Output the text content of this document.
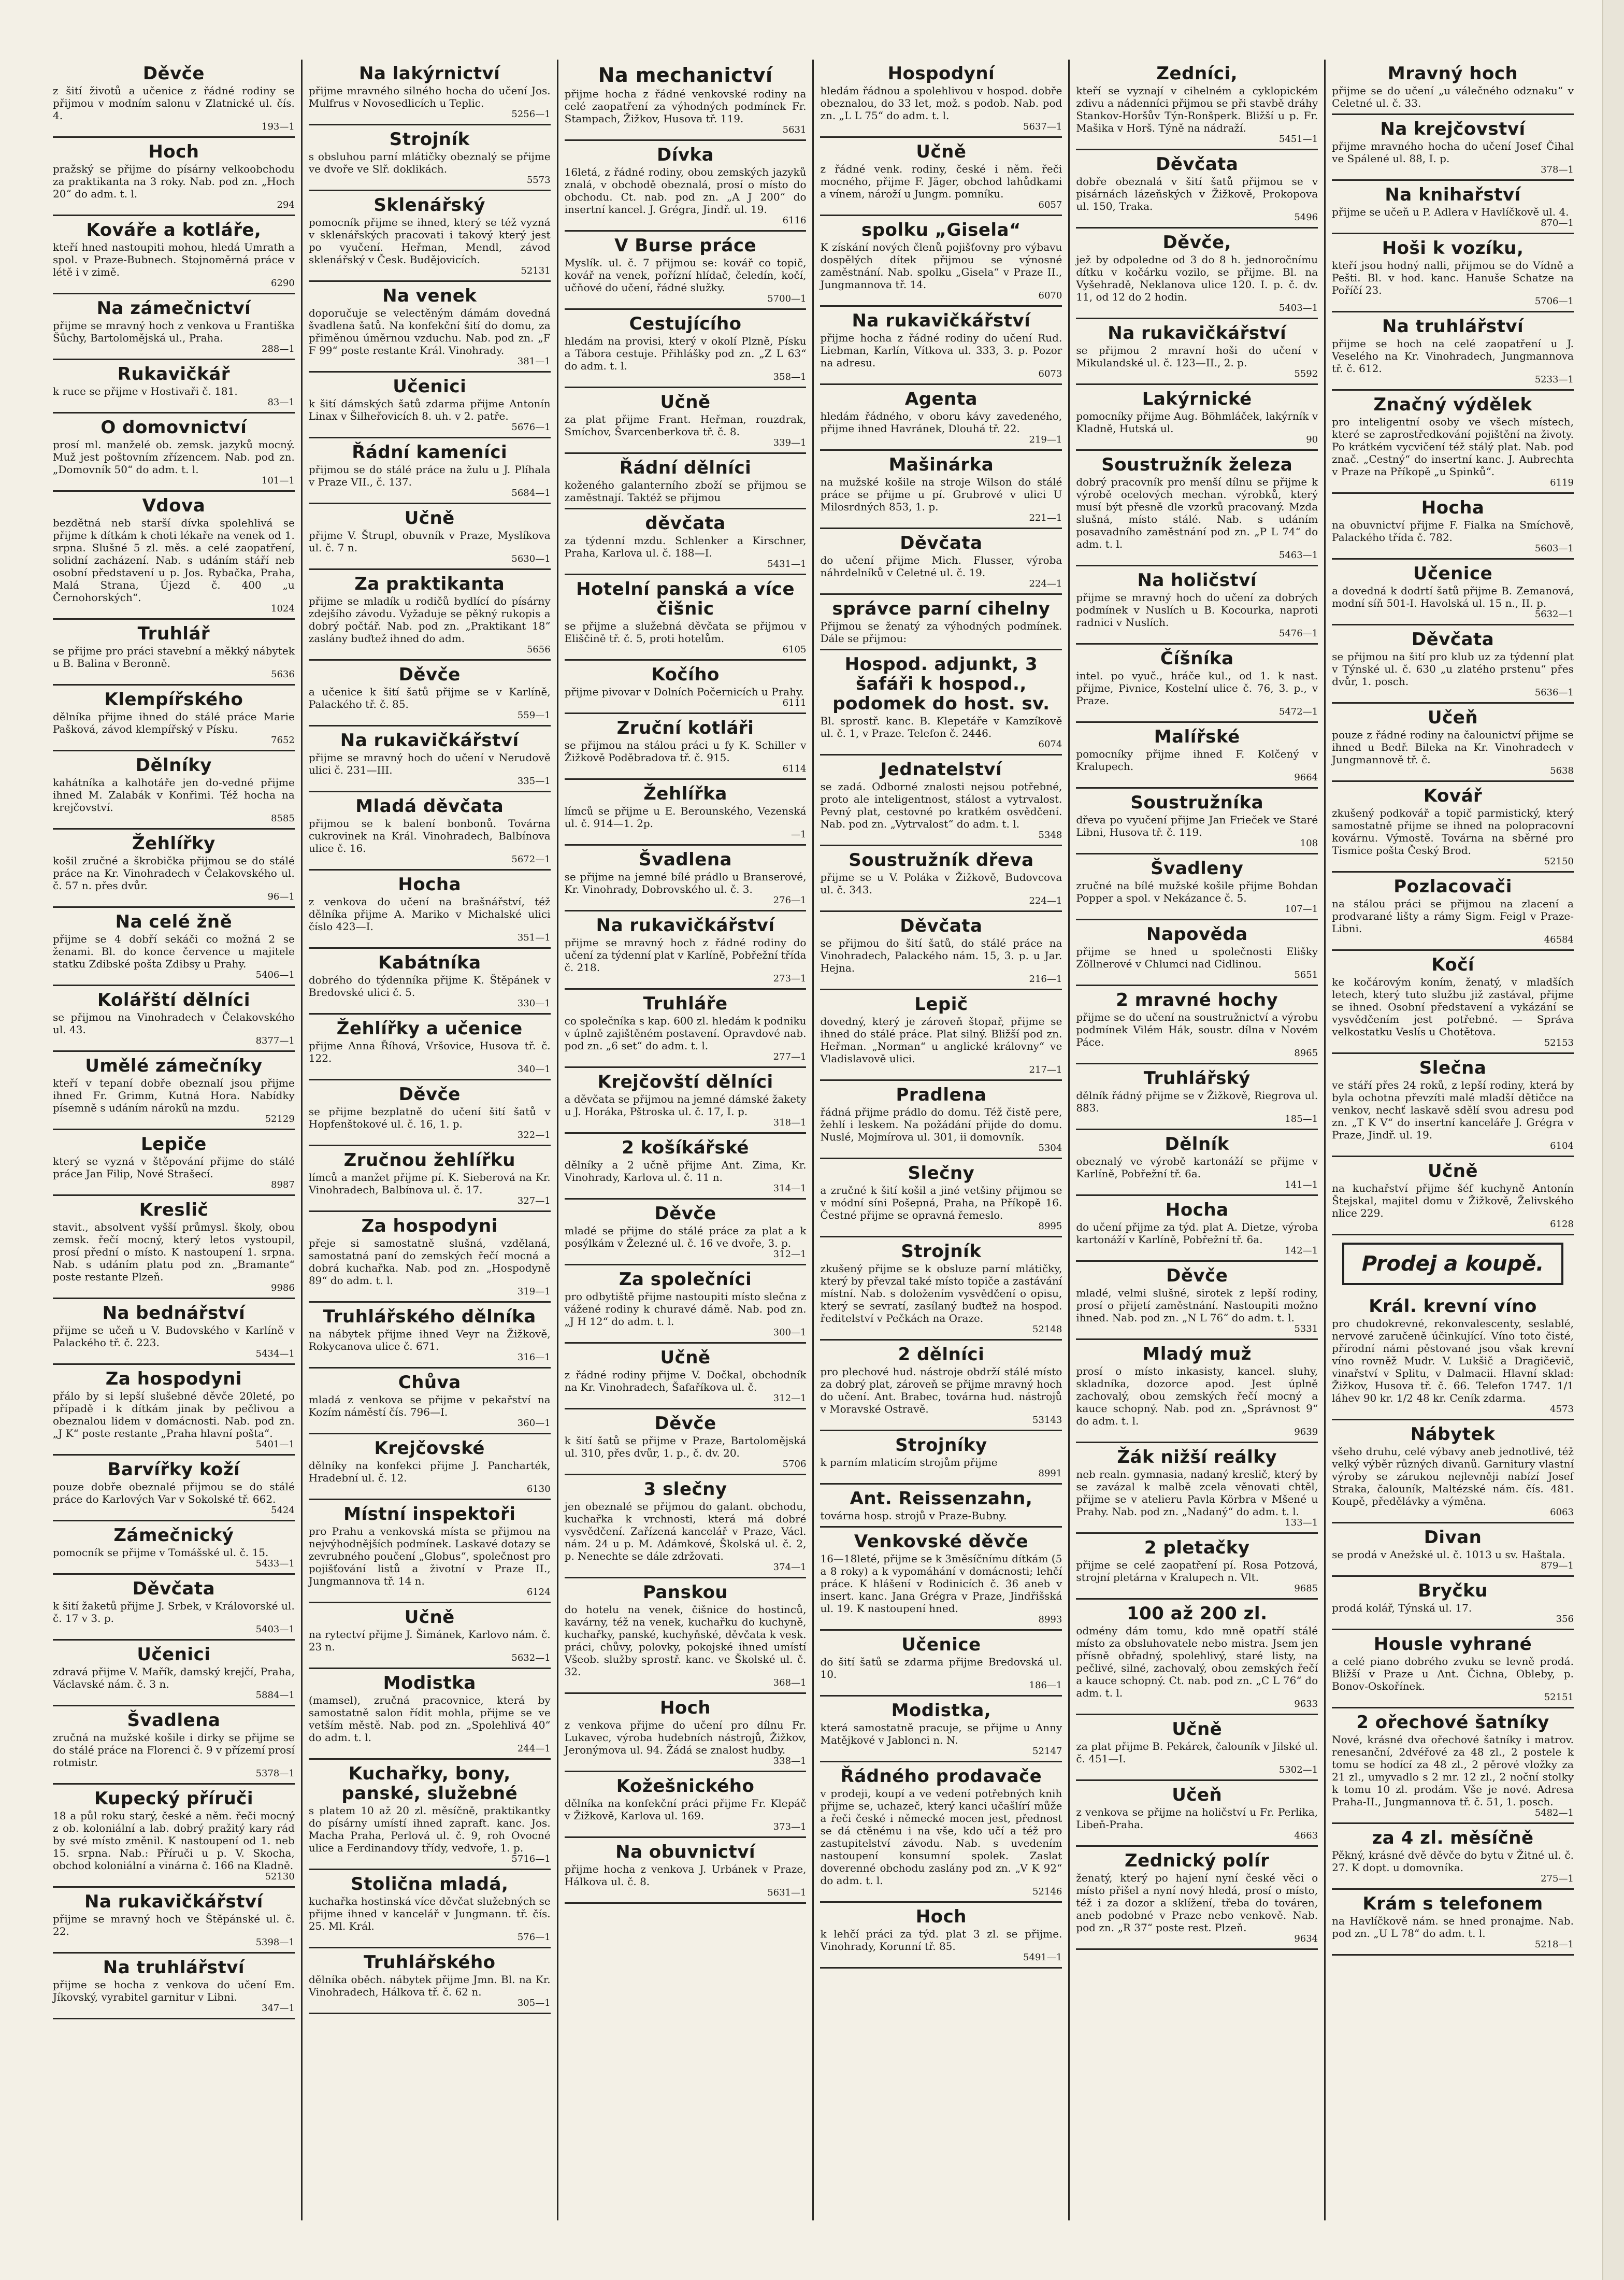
Děvče
z šití životů a učenice z řádné rodiny se přijmou v modním salonu v Zlatnické ul. čís. 4.
193—1
Hoch
pražský se přijme do písárny velkoobchodu za praktikanta na 3 roky. Nab. pod zn. „Hoch 20“ do adm. t. l.
294
Kováře a kotláře,
kteří hned nastoupiti mohou, hledá Umrath a spol. v Praze-Bubnech. Stojnoměrná práce v létě i v zimě.
6290
Na zámečnictví
přijme se mravný hoch z venkova u Františka Šůchy, Bartolomějská ul., Praha.
288—1
Rukavičkář
k ruce se přijme v Hostivaři č. 181.
83—1
O domovnictví
prosí ml. manželé ob. zemsk. jazyků mocný. Muž jest poštovním zřízencem. Nab. pod zn. „Domovník 50“ do adm. t. l.
101—1
Vdova
bezdětná neb starší dívka spolehlivá se přijme k dítkám k choti lékaře na venek od 1. srpna. Slušné 5 zl. měs. a celé zaopatření, solidní zacházení. Nab. s udáním stáří neb osobní představení u p. Jos. Rybačka, Praha, Malá Strana, Újezd č. 400 „u Černohorských“.
1024
Truhlář
se přijme pro práci stavební a měkký nábytek u B. Balina v Beronně.
5636
Klempířského
dělníka přijme ihned do stálé práce Marie Pašková, závod klempířský v Písku.
7652
Dělníky
kahátníka a kalhotáře jen do-vedné přijme ihned M. Zalabák v Konřimi. Též hocha na krejčovství.
8585
Žehlířky
košil zručné a škrobička přijmou se do stálé práce na Kr. Vinohradech v Čelakovského ul. č. 57 n. přes dvůr.
96—1
Na celé žně
přijme se 4 dobří sekáči co možná 2 se ženami. Bl. do konce července u majitele statku Zdibské pošta Zdibsy u Prahy.
5406—1
Kolářští dělníci
se přijmou na Vinohradech v Čelakovského ul. 43.
8377—1
Umělé zámečníky
kteří v tepaní dobře obeznalí jsou přijme ihned Fr. Grimm, Kutná Hora. Nabídky písemně s udáním nároků na mzdu.
52129
Lepiče
který se vyzná v štěpování přijme do stálé práce Jan Filip, Nové Strašecí.
8987
Kreslič
stavit., absolvent vyšší průmysl. školy, obou zemsk. řečí mocný, který letos vystoupil, prosí přední o místo. K nastoupení 1. srpna. Nab. s udáním platu pod zn. „Bramante“ poste restante Plzeň.
9986
Na bednářství
přijme se učeň u V. Budovského v Karlíně v Palackého tř. č. 223.
5434—1
Za hospodyni
přálo by si lepší slušebné děvče 20leté, po případě i k dítkám jinak by pečlivou a obeznalou lidem v domácnosti. Nab. pod zn. „J K“ poste restante „Praha hlavní pošta“.
5401—1
Barvířky koží
pouze dobře obeznalé přijmou se do stálé práce do Karlových Var v Sokolské tř. 662.
5424
Zámečnický
pomocník se přijme v Tomášské ul. č. 15.
5433—1
Děvčata
k šití žaketů přijme J. Srbek, v Královorské ul. č. 17 v 3. p.
5403—1
Učenici
zdravá přijme V. Mařík, damský krejčí, Praha, Václavské nám. č. 3 n.
5884—1
Švadlena
zručná na mužské košile i dirky se přijme se do stálé práce na Florenci č. 9 v přízemí prosí rotmistr.
5378—1
Kupecký příruči
18 a půl roku starý, české a něm. řeči mocný z ob. koloniální a lab. dobrý pražitý kary rád by své místo změnil. K nastoupení od 1. neb 15. srpna. Nab.: Příruči u p. V. Skocha, obchod koloniální a vinárna č. 166 na Kladně.
52130
Na rukavičkářství
přijme se mravný hoch ve Štěpánské ul. č. 22.
5398—1
Na truhlářství
přijme se hocha z venkova do učení Em. Jíkovský, vyrabitel garnitur v Libni.
347—1
Na lakýrnictví
přijme mravného silného hocha do učení Jos. Mulfrus v Novosedlicích u Teplic.
5256—1
Strojník
s obsluhou parní mlátičky obeznalý se přijme ve dvoře ve Slř. doklikách.
5573
Sklenářský
pomocník přijme se ihned, který se též vyzná v sklenářských pracovati i takový který jest po vyučení. Heřman, Mendl, závod sklenářský v Česk. Budějovicích.
52131
Na venek
doporučuje se velectěným dámám dovedná švadlena šatů. Na konfekční šití do domu, za přiměnou úměrnou vzduchu. Nab. pod zn. „F F 99“ poste restante Král. Vinohrady.
381—1
Učenici
k šití dámských šatů zdarma přijme Antonín Linax v Šilheřovicích 8. uh. v 2. patře.
5676—1
Řádní kameníci
přijmou se do stálé práce na žulu u J. Plíhala v Praze VII., č. 137.
5684—1
Učně
přijme V. Štrupl, obuvník v Praze, Myslíkova ul. č. 7 n.
5630—1
Za praktikanta
přijme se mladík u rodičů bydlící do písárny zdejšího závodu. Vyžaduje se pěkný rukopis a dobrý počtář. Nab. pod zn. „Praktikant 18“ zaslány buďtež ihned do adm.
5656
Děvče
a učenice k šití šatů přijme se v Karlíně, Palackého tř. č. 85.
559—1
Na rukavičkářství
přijme se mravný hoch do učení v Nerudově ulici č. 231—III.
335—1
Mladá děvčata
přijmou se k balení bonbonů. Továrna cukrovinek na Král. Vinohradech, Balbínova ulice č. 16.
5672—1
Hocha
z venkova do učení na brašnářství, též dělníka přijme A. Mariko v Michalské ulici číslo 423—I.
351—1
Kabátníka
dobrého do týdenníka přijme K. Štěpánek v Bredovské ulici č. 5.
330—1
Žehlířky a učenice
přijme Anna Říhová, Vršovice, Husova tř. č. 122.
340—1
Děvče
se přijme bezplatně do učení šití šatů v Hopfenštokové ul. č. 16, 1. p.
322—1
Zručnou žehlířku
límců a manžet přijme pí. K. Sieberová na Kr. Vinohradech, Balbínova ul. č. 17.
327—1
Za hospodyni
přeje si samostatně slušná, vzdělaná, samostatná paní do zemských řečí mocná a dobrá kuchařka. Nab. pod zn. „Hospodyně 89“ do adm. t. l.
319—1
Truhlářského dělníka
na nábytek přijme ihned Veyr na Žižkově, Rokycanova ulice č. 671.
316—1
Chůva
mladá z venkova se přijme v pekařství na Kozím náměstí čís. 796—I.
360—1
Krejčovské
dělníky na konfekci přijme J. Pancharték, Hradební ul. č. 12.
6130
Místní inspektoři
pro Prahu a venkovská místa se přijmou na nejvýhodnějších podmínek. Laskavé dotazy se zevrubného poučení „Globus“, společnost pro pojišťování listů a životní v Praze II., Jungmannova tř. 14 n.
6124
Učně
na rytectví přijme J. Šimánek, Karlovo nám. č. 23 n.
5632—1
Modistka
(mamsel), zručná pracovnice, která by samostatně salon řídit mohla, přijme se ve vetším městě. Nab. pod zn. „Spolehlivá 40“ do adm. t. l.
244—1
Kuchařky, bony, panské, služebné
s platem 10 až 20 zl. měsíčně, praktikantky do písárny umístí ihned zapraft. kanc. Jos. Macha Praha, Perlová ul. č. 9, roh Ovocné ulice a Ferdinandovy třídy, vedvoře, 1. p.
5716—1
Stolična mladá,
kuchařka hostinská více děvčat služebných se přijme ihned v kancelář v Jungmann. tř. čís. 25. Ml. Král.
576—1
Truhlářského
dělníka oběch. nábytek přijme Jmn. Bl. na Kr. Vinohradech, Hálkova tř. č. 62 n.
305—1
Na mechanictví
přijme hocha z řádné venkovské rodiny na celé zaopatření za výhodných podmínek Fr. Stampach, Žižkov, Husova tř. 119.
5631
Dívka
16letá, z řádné rodiny, obou zemských jazyků znalá, v obchodě obeznalá, prosí o místo do obchodu. Ct. nab. pod zn. „A J 200“ do insertní kancel. J. Grégra, Jindř. ul. 19.
6116
V Burse práce
Myslík. ul. č. 7 přijmou se: kovář co topič, kovář na venek, pořízní hlídač, čeledín, kočí, učňové do učení, řádné služky.
5700—1
Cestujícího
hledám na provisi, který v okolí Plzně, Písku a Tábora cestuje. Přihlášky pod zn. „Z L 63“ do adm. t. l.
358—1
Učně
za plat přijme Frant. Heřman, rouzdrak, Smíchov, Švarcenberkova tř. č. 8.
339—1
Řádní dělníci
koženého galanterního zboží se přijmou se zaměstnají. Taktéž se přijmou
děvčata
za týdenní mzdu. Schlenker a Kirschner, Praha, Karlova ul. č. 188—I.
5431—1
Hotelní panská a více čišnic
se přijme a služebná děvčata se přijmou v Eliščině tř. č. 5, proti hotelům.
6105
Kočího
přijme pivovar v Dolních Počernicích u Prahy.
6111
Zruční kotláři
se přijmou na stálou práci u fy K. Schiller v Žižkově Poděbradova tř. č. 915.
6114
Žehlířka
límců se přijme u E. Berounského, Vezenská ul. č. 914—1. 2p.
—1
Švadlena
se přijme na jemné bílé prádlo u Branserové, Kr. Vinohrady, Dobrovského ul. č. 3.
276—1
Na rukavičkářství
přijme se mravný hoch z řádné rodiny do učení za týdenní plat v Karlíně, Pobřežní třída č. 218.
273—1
Truhláře
co společníka s kap. 600 zl. hledám k podniku v úplně zajištěném postavení. Opravdové nab. pod zn. „6 set“ do adm. t. l.
277—1
Krejčovští dělníci
a děvčata se přijmou na jemné dámské žakety u J. Horáka, Pštroska ul. č. 17, I. p.
318—1
2 košíkářské
dělníky a 2 učně přijme Ant. Zima, Kr. Vinohrady, Karlova ul. č. 11 n.
314—1
Děvče
mladé se přijme do stálé práce za plat a k posýlkám v Železné ul. č. 16 ve dvoře, 3. p.
312—1
Za společníci
pro odbytiště přijme nastoupiti místo slečna z vážené rodiny k churavé dámě. Nab. pod zn. „J H 12“ do adm. t. l.
300—1
Učně
z řádné rodiny přijme V. Dočkal, obchodník na Kr. Vinohradech, Šafaříkova ul. č.
312—1
Děvče
k šití šatů se přijme v Praze, Bartolomějská ul. 310, přes dvůr, 1. p., č. dv. 20.
5706
3 slečny
jen obeznalé se přijmou do galant. obchodu, kuchařka k vrchnosti, která má dobré vysvědčení. Zařízená kancelář v Praze, Václ. nám. 24 u p. M. Adámkové, Školská ul. č. 2, p. Nenechte se dále zdržovati.
374—1
Panskou
do hotelu na venek, čišnice do hostinců, kavárny, též na venek, kuchařku do kuchyně, kuchařky, panské, kuchyňské, děvčata k vesk. práci, chůvy, polovky, pokojské ihned umístí Všeob. služby sprostř. kanc. ve Školské ul. č. 32.
368—1
Hoch
z venkova přijme do učení pro dílnu Fr. Lukavec, výroba hudebních nástrojů, Žižkov, Jeronýmova ul. 94. Žádá se znalost hudby.
338—1
Kožešnického
dělníka na konfekční práci přijme Fr. Klepáč v Žižkově, Karlova ul. 169.
373—1
Na obuvnictví
přijme hocha z venkova J. Urbánek v Praze, Hálkova ul. č. 8.
5631—1
Hospodyní
hledám řádnou a spolehlivou v hospod. dobře obeznalou, do 33 let, mož. s podob. Nab. pod zn. „L L 75“ do adm. t. l.
5637—1
Učně
z řádné venk. rodiny, české i něm. řeči mocného, přijme F. Jäger, obchod lahůdkami a vínem, nároží u Jungm. pomníku.
6057
spolku „Gisela“
K získání nových členů pojišťovny pro výbavu dospělých dítek přijmou se výnosné zaměstnání. Nab. spolku „Gisela“ v Praze II., Jungmannova tř. 14.
6070
Na rukavičkářství
přijme hocha z řádné rodiny do učení Rud. Liebman, Karlín, Vítkova ul. 333, 3. p. Pozor na adresu.
6073
Agenta
hledám řádného, v oboru kávy zavedeného, přijme ihned Havránek, Dlouhá tř. 22.
219—1
Mašinárka
na mužské košile na stroje Wilson do stálé práce se přijme u pí. Grubrové v ulici U Milosrdných 853, 1. p.
221—1
Děvčata
do učení přijme Mich. Flusser, výroba náhrdelníků v Celetné ul. č. 19.
224—1
správce parní cihelny
Přijmou se ženatý za výhodných podmínek. Dále se přijmou:
Hospod. adjunkt, 3 šafáři k hospod., podomek do host. sv.
Bl. sprostř. kanc. B. Klepetáře v Kamzíkově ul. č. 1, v Praze. Telefon č. 2446.
6074
Jednatelství
se zadá. Odborné znalosti nejsou potřebné, proto ale inteligentnost, stálost a vytrvalost. Pevný plat, cestovné po kratkém osvědčení. Nab. pod zn. „Vytrvalost“ do adm. t. l.
5348
Soustružník dřeva
přijme se u V. Poláka v Žižkově, Budovcova ul. č. 343.
224—1
Děvčata
se přijmou do šití šatů, do stálé práce na Vinohradech, Palackého nám. 15, 3. p. u Jar. Hejna.
216—1
Lepič
dovedný, který je zároveň štopař, přijme se ihned do stálé práce. Plat silný. Bližší pod zn. Heřman. „Norman“ u anglické královny“ ve Vladislavově ulici.
217—1
Pradlena
řádná přijme prádlo do domu. Též čistě pere, žehlí i leskem. Na požádání přijde do domu. Nuslé, Mojmírova ul. 301, ii domovník.
5304
Slečny
a zručné k šití košil a jiné vetšiny přijmou se v módní síni Pošepná, Praha, na Příkopě 16. Čestné přijme se opravná řemeslo.
8995
Strojník
zkušený přijme se k obsluze parní mlátičky, který by převzal také místo topiče a zastávání místní. Nab. s doložením vysvědčení o opisu, který se sevratí, zasílaný buďtež na hospod. ředitelství v Pečkách na Oraze.
52148
2 dělníci
pro plechové hud. nástroje obdrží stálé místo za dobrý plat, zároveň se přijme mravný hoch do učení. Ant. Brabec, továrna hud. nástrojů v Moravské Ostravě.
53143
Strojníky
k parním mlaticím strojům přijme
8991
Ant. Reissenzahn,
továrna hosp. strojů v Praze-Bubny.
Venkovské děvče
16—18leté, přijme se k 3měsíčnímu dítkám (5 a 8 roky) a k vypomáhání v domácnosti; lehčí práce. K hlášení v Rodinicích č. 36 aneb v insert. kanc. Jana Grégra v Praze, Jindřišská ul. 19. K nastoupení hned.
8993
Učenice
do šití šatů se zdarma přijme Bredovská ul. 10.
186—1
Modistka,
která samostatně pracuje, se přijme u Anny Matějkové v Jablonci n. N.
52147
Řádného prodavače
v prodeji, koupí a ve vedení potřebných knih přijme se, uchazeč, který kanci učašlírí může a řeči české i německé mocen jest, přednost se dá ctěnému i na vše, kdo učí a též pro zastupitelství závodu. Nab. s uvedením nastoupení konsumní spolek. Zaslat doverenné obchodu zaslány pod zn. „V K 92“ do adm. t. l.
52146
Hoch
k lehčí práci za týd. plat 3 zl. se přijme. Vinohrady, Korunní tř. 85.
5491—1
Zedníci,
kteří se vyznají v cihelném a cyklopickém zdivu a nádenníci přijmou se při stavbě dráhy Stankov-Horšův Týn-Ronšperk. Bližší u p. Fr. Mašika v Horš. Týně na nádraží.
5451—1
Děvčata
dobře obeznalá v šití šatů přijmou se v pisárnách lázeňských v Žižkově, Prokopova ul. 150, Traka.
5496
Děvče,
jež by odpoledne od 3 do 8 h. jednoročnímu dítku v kočárku vozilo, se přijme. Bl. na Vyšehradě, Neklanova ulice 120. I. p. č. dv. 11, od 12 do 2 hodin.
5403—1
Na rukavičkářství
se přijmou 2 mravní hoši do učení v Mikulandské ul. č. 123—II., 2. p.
5592
Lakýrnické
pomocníky přijme Aug. Böhmláček, lakýrník v Kladně, Hutská ul.
90
Soustružník železa
dobrý pracovník pro menší dílnu se přijme k výrobě ocelových mechan. výrobků, který musí být přesně dle vzorků pracovaný. Mzda slušná, místo stálé. Nab. s udáním posavadního zaměstnání pod zn. „P L 74“ do adm. t. l.
5463—1
Na holičství
přijme se mravný hoch do učení za dobrých podmínek v Nuslích u B. Kocourka, naproti radnici v Nuslích.
5476—1
Číšníka
intel. po vyuč., hráče kul., od 1. k nast. přijme, Pivnice, Kostelní ulice č. 76, 3. p., v Praze.
5472—1
Malířské
pomocníky přijme ihned F. Kolčený v Kralupech.
9664
Soustružníka
dřeva po vyučení přijme Jan Frieček ve Staré Libni, Husova tř. č. 119.
108
Švadleny
zručné na bílé mužské košile přijme Bohdan Popper a spol. v Nekázance č. 5.
107—1
Napověda
přijme se hned u společnosti Elišky Zöllnerové v Chlumci nad Cidlinou.
5651
2 mravné hochy
přijme se do učení na soustružnictví a výrobu podmínek Vilém Hák, soustr. dílna v Novém Páce.
8965
Truhlářský
dělník řádný přijme se v Žižkově, Riegrova ul. 883.
185—1
Dělník
obeznalý ve výrobě kartonáží se přijme v Karlíně, Pobřežní tř. 6a.
141—1
Hocha
do učení přijme za týd. plat A. Dietze, výroba kartonáží v Karlíně, Pobřežní tř. 6a.
142—1
Děvče
mladé, velmi slušné, sirotek z lepší rodiny, prosí o přijetí zaměstnání. Nastoupiti možno ihned. Nab. pod zn. „N L 76“ do adm. t. l.
5331
Mladý muž
prosí o místo inkasisty, kancel. sluhy, skladníka, dozorce apod. Jest úplně zachovalý, obou zemských řečí mocný a kauce schopný. Nab. pod zn. „Správnost 9“ do adm. t. l.
9639
Žák nižší reálky
neb realn. gymnasia, nadaný kreslič, který by se zavázal k malbě zcela věnovati chtěl, přijme se v atelieru Pavla Körbra v Mšené u Prahy. Nab. pod zn. „Nadaný“ do adm. t. l.
133—1
2 pletačky
přijme se celé zaopatření pí. Rosa Potzová, strojní pletárna v Kralupech n. Vlt.
9685
100 až 200 zl.
odmény dám tomu, kdo mně opatří stálé místo za obsluhovatele nebo mistra. Jsem jen přísně obřadný, spolehlivý, staré listy, na pečlivé, silné, zachovalý, obou zemských řečí a kauce schopný. Ct. nab. pod zn. „C L 76“ do adm. t. l.
9633
Učně
za plat přijme B. Pekárek, čalouník v Jilské ul. č. 451—I.
5302—1
Učeň
z venkova se přijme na holičství u Fr. Perlika, Libeň-Praha.
4663
Zednický polír
ženatý, který po hajení nyní české věci o místo přišel a nyní nový hledá, prosí o místo, též i za dozor a sklížení, třeba do továren, aneb podobné v Praze nebo venkově. Nab. pod zn. „R 37“ poste rest. Plzeň.
9634
Mravný hoch
přijme se do učení „u válečného odznaku“ v Celetné ul. č. 33.
Na krejčovství
přijme mravného hocha do učení Josef Čihal ve Spálené ul. 88, I. p.
378—1
Na knihařství
přijme se učeň u P. Adlera v Havlíčkově ul. 4.
870—1
Hoši k vozíku,
kteří jsou hodný nalli, přijmou se do Vídně a Pešti. Bl. v hod. kanc. Hanuše Schatze na Poříčí 23.
5706—1
Na truhlářství
přijme se hoch na celé zaopatření u J. Veselého na Kr. Vinohradech, Jungmannova tř. č. 612.
5233—1
Značný výdělek
pro inteligentní osoby ve všech místech, které se zaprostředkování pojištění na životy. Po krátkém vycvičení též stálý plat. Nab. pod znač. „Cestný“ do insertní kanc. J. Aubrechta v Praze na Příkopě „u Spinků“.
6119
Hocha
na obuvnictví přijme F. Fialka na Smíchově, Palackého třída č. 782.
5603—1
Učenice
a dovedná k dodrtí šatů přijme B. Zemanová, modní síň 501-I. Havolská ul. 15 n., II. p.
5632—1
Děvčata
se přijmou na šití pro klub uz za týdenní plat v Týnské ul. č. 630 „u zlatého prstenu“ přes dvůr, 1. posch.
5636—1
Učeň
pouze z řádné rodiny na čalounictví přijme se ihned u Bedř. Bileka na Kr. Vinohradech v Jungmannově tř. č.
5638
Kovář
zkušený podkovář a topič parmistický, který samostatně přijme se ihned na polopracovní kovárnu. Výmostě. Továrna na sběrné pro Tismice pošta Český Brod.
52150
Pozlacovači
na stálou práci se přijmou na zlacení a prodvarané lišty a rámy Sigm. Feigl v Praze-Libni.
46584
Kočí
ke kočárovým koním, ženatý, v mladších letech, který tuto službu již zastával, přijme se ihned. Osobní představení a vykázání se vysvědčením jest potřebné. — Správa velkostatku Veslís u Chotětova.
52153
Slečna
ve stáří přes 24 roků, z lepší rodiny, která by byla ochotna převzíti malé mladší dětičce na venkov, nechť laskavě sdělí svou adresu pod zn. „T K V“ do insertní kanceláře J. Grégra v Praze, Jindř. ul. 19.
6104
Učně
na kuchařství přijme šéf kuchyně Antonín Štejskal, majitel domu v Žižkově, Želivského nlice 229.
6128
Prodej a koupě.
Král. krevní víno
pro chudokrevné, rekonvalescenty, seslablé, nervové zaručeně účinkující. Víno toto čisté, přírodní námi pěstované jsou však krevní víno rovněž Mudr. V. Lukšič a Dragičevič, vinařství v Splitu, v Dalmacii. Hlavní sklad: Žižkov, Husova tř. č. 66. Telefon 1747. 1/1 láhev 90 kr. 1/2 48 kr. Ceník zdarma.
4573
Nábytek
všeho druhu, celé výbavy aneb jednotlivé, též velký výběr různých divanů. Garnitury vlastní výroby se zárukou nejlevněji nabízí Josef Straka, čalouník, Maltézské nám. čís. 481. Koupě, předělávky a výměna.
6063
Divan
se prodá v Anežské ul. č. 1013 u sv. Haštala.
879—1
Bryčku
prodá kolář, Týnská ul. 17.
356
Housle vyhrané
a celé piano dobrého zvuku se levně prodá. Bližší v Praze u Ant. Čichna, Obleby, p. Bonov-Oskořínek.
52151
2 ořechové šatníky
Nové, krásné dva ořechové šatníky i matrov. renesanční, 2dvéřové za 48 zl., 2 postele k tomu se hodící za 48 zl., 2 pěrové vložky za 21 zl., umyvadlo s 2 mr. 12 zl., 2 noční stolky k tomu 10 zl. prodám. Vše je nové. Adresa Praha-II., Jungmannova tř. č. 51, 1. posch.
5482—1
za 4 zl. měsíčně
Pěkný, krásné dvě děvče do bytu v Žitné ul. č. 27. K dopt. u domovníka.
275—1
Krám s telefonem
na Havlíčkově nám. se hned pronajme. Nab. pod zn. „U L 78“ do adm. t. l.
5218—1
